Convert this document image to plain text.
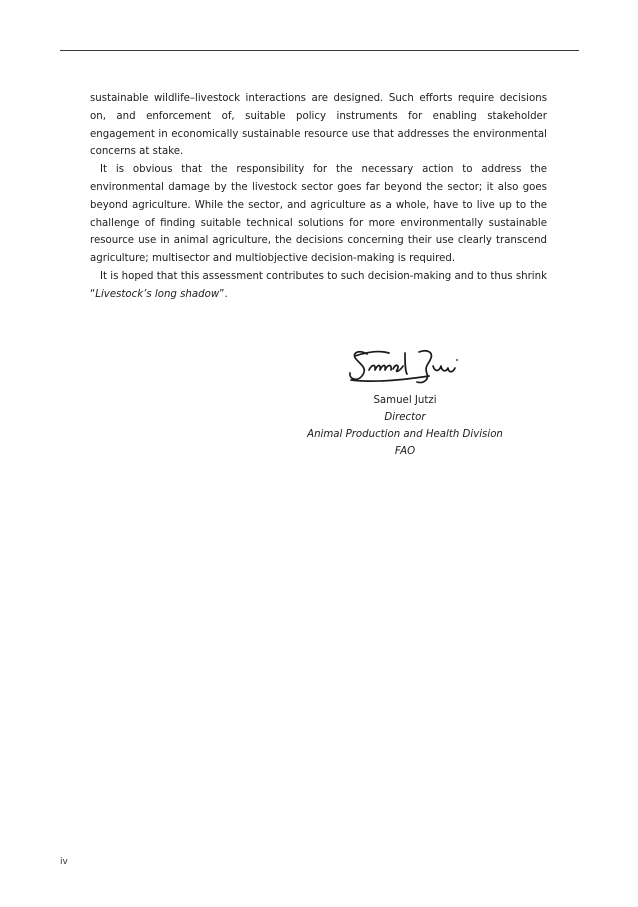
sustainable wildlife–livestock interactions are designed. Such efforts require decisions on, and enforcement of, suitable policy instruments for enabling stakeholder engagement in economically sustainable resource use that addresses the environmental concerns at stake.

It is obvious that the responsibility for the necessary action to address the environmental damage by the livestock sector goes far beyond the sector; it also goes beyond agriculture. While the sector, and agriculture as a whole, have to live up to the challenge of finding suitable technical solutions for more environmentally sustainable resource use in animal agriculture, the decisions concerning their use clearly transcend agriculture; multisector and multiobjective decision-making is required.

It is hoped that this assessment contributes to such decision-making and to thus shrink “Livestock’s long shadow”.

Samuel Jutzi
Director
Animal Production and Health Division
FAO
iv
